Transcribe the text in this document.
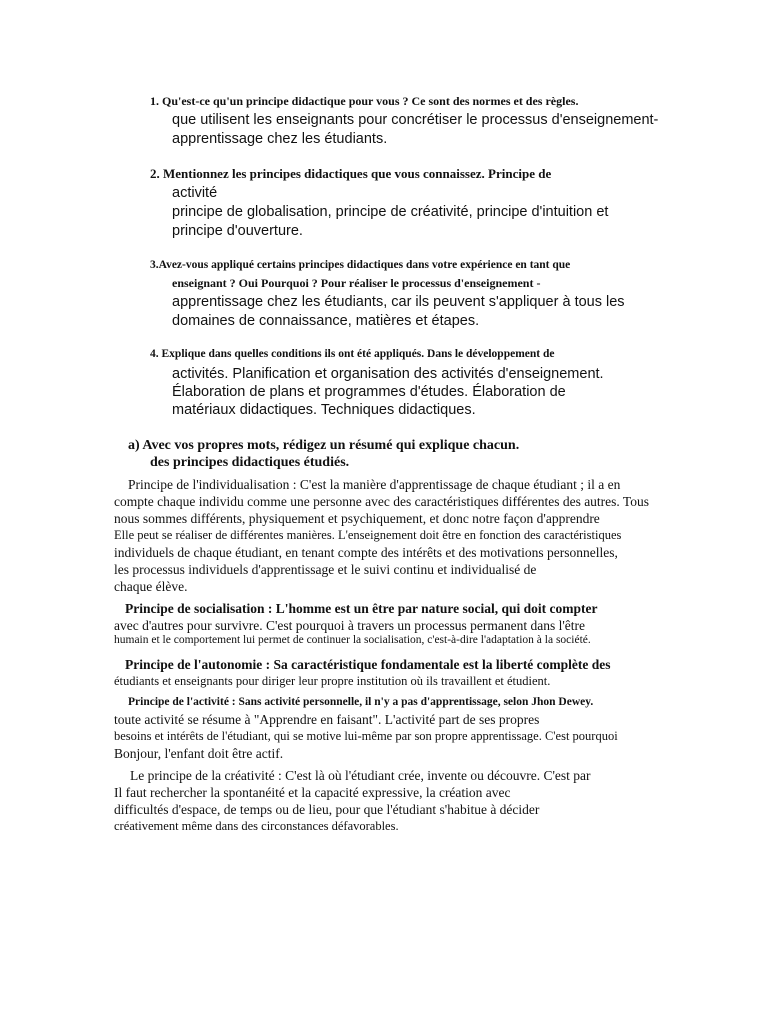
1. Qu'est-ce qu'un principe didactique pour vous ? Ce sont des normes et des règles.
que utilisent les enseignants pour concrétiser le processus d'enseignement-
apprentissage chez les étudiants.
2. Mentionnez les principes didactiques que vous connaissez. Principe de
activité
principe de globalisation, principe de créativité, principe d'intuition et
principe d'ouverture.
3.Avez-vous appliqué certains principes didactiques dans votre expérience en tant que
enseignant ? Oui Pourquoi ? Pour réaliser le processus d'enseignement -
apprentissage chez les étudiants, car ils peuvent s'appliquer à tous les
domaines de connaissance, matières et étapes.
4. Explique dans quelles conditions ils ont été appliqués. Dans le développement de
activités. Planification et organisation des activités d'enseignement.
Élaboration de plans et programmes d'études. Élaboration de
matériaux didactiques. Techniques didactiques.
a) Avec vos propres mots, rédigez un résumé qui explique chacun.
des principes didactiques étudiés.
Principe de l'individualisation : C'est la manière d'apprentissage de chaque étudiant ; il a en
compte chaque individu comme une personne avec des caractéristiques différentes des autres. Tous
nous sommes différents, physiquement et psychiquement, et donc notre façon d'apprendre
Elle peut se réaliser de différentes manières. L'enseignement doit être en fonction des caractéristiques
individuels de chaque étudiant, en tenant compte des intérêts et des motivations personnelles,
les processus individuels d'apprentissage et le suivi continu et individualisé de
chaque élève.
Principe de socialisation : L'homme est un être par nature social, qui doit compter
avec d'autres pour survivre. C'est pourquoi à travers un processus permanent dans l'être
humain et le comportement lui permet de continuer la socialisation, c'est-à-dire l'adaptation à la société.
Principe de l'autonomie : Sa caractéristique fondamentale est la liberté complète des
étudiants et enseignants pour diriger leur propre institution où ils travaillent et étudient.
Principe de l'activité : Sans activité personnelle, il n'y a pas d'apprentissage, selon Jhon Dewey.
toute activité se résume à "Apprendre en faisant". L'activité part de ses propres
besoins et intérêts de l'étudiant, qui se motive lui-même par son propre apprentissage. C'est pourquoi
Bonjour, l'enfant doit être actif.
Le principe de la créativité : C'est là où l'étudiant crée, invente ou découvre. C'est par
Il faut rechercher la spontanéité et la capacité expressive, la création avec
difficultés d'espace, de temps ou de lieu, pour que l'étudiant s'habitue à décider
créativement même dans des circonstances défavorables.
